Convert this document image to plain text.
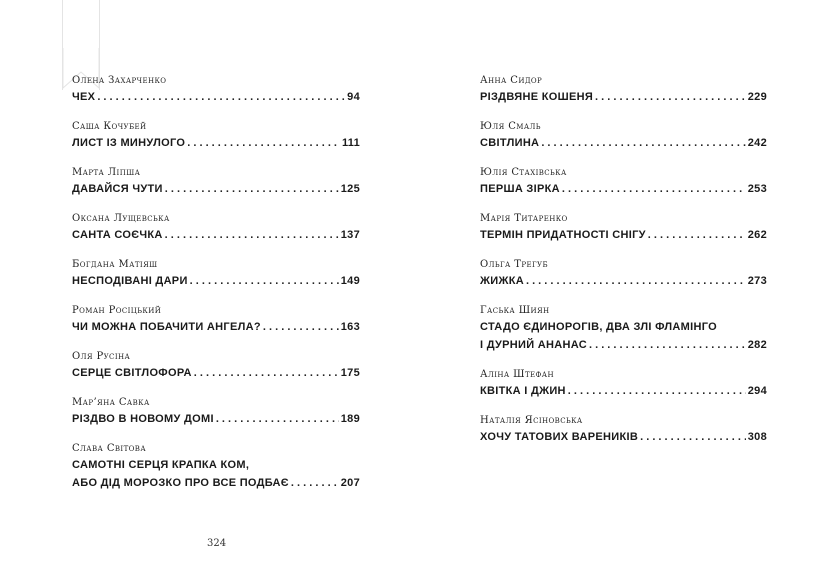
Олена Захарченко
ЧЕХ . . .	94
Саша Кочубей
ЛИСТ ІЗ МИНУЛОГО . . .	111
Марта Ліпша
ДАВАЙСЯ ЧУТИ . . .	125
Оксана Лущевська
САНТА СОЄЧКА . . .	137
Богдана Матіяш
НЕСПОДІВАНІ ДАРИ . . .	149
Роман Росіцький
ЧИ МОЖНА ПОБАЧИТИ АНГЕЛА? . . .	163
Оля Русіна
СЕРЦЕ СВІТЛОФОРА . . .	175
Мар’яна Савка
РІЗДВО В НОВОМУ ДОМІ . . .	189
Слава Світова
САМОТНІ СЕРЦЯ КРАПКА КОМ,
АБО ДІД МОРОЗКО ПРО ВСЕ ПОДБАЄ . . .	207
Анна Сидор
РІЗДВЯНЕ КОШЕНЯ . . .	229
Юля Смаль
СВІТЛИНА . . .	242
Юлія Стахівська
ПЕРША ЗІРКА . . .	253
Марія Титаренко
ТЕРМІН ПРИДАТНОСТІ СНІГУ . . .	262
Ольга Трегуб
ЖИЖКА . . .	273
Гаська Шиян
СТАДО ЄДИНОРОГІВ, ДВА ЗЛІ ФЛАМІНГО
І ДУРНИЙ АНАНАС . . .	282
Аліна Штефан
КВІТКА І ДЖИН . . .	294
Наталія Ясіновська
ХОЧУ ТАТОВИХ ВАРЕНИКІВ . . .	308
324
